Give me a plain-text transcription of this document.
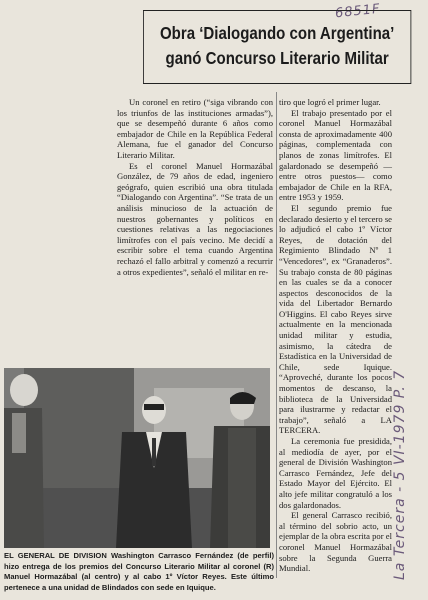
6851F
La Tercera - 5 VI-1979 P. 7
Obra ‘Dialogando con Argentina’
ganó Concurso Literario Militar

Un coronel en retiro (“siga vibrando con los triunfos de las instituciones armadas”), que se desempeñó durante 6 años como embajador de Chile en la República Federal Alemana, fue el ganador del Concurso Literario Militar.

Es el coronel Manuel Hormazábal González, de 79 años de edad, ingeniero geógrafo, quien escribió una obra titulada “Dialogando con Argentina”. “Se trata de un análisis minucioso de la actuación de nuestros gobernantes y políticos en cuestiones relativas a las negociaciones limítrofes con el país vecino. Me decidí a escribir sobre el tema cuando Argentina rechazó el fallo arbitral y comenzó a recurrir a otros expedientes”, señaló el militar en re-

tiro que logró el primer lugar.

El trabajo presentado por el coronel Manuel Hormazábal consta de aproximadamente 400 páginas, complementada con planos de zonas limítrofes. El galardonado se desempeñó —entre otros puestos— como embajador de Chile en la RFA, entre 1953 y 1959.

El segundo premio fue declarado desierto y el tercero se lo adjudicó el cabo 1º Víctor Reyes, de dotación del Regimiento Blindado Nº 1 “Vencedores”, ex “Granaderos”. Su trabajo consta de 80 páginas en las cuales se da a conocer aspectos desconocidos de la vida del Libertador Bernardo O'Higgins. El cabo Reyes sirve actualmente en la mencionada unidad militar y estudia, asimismo, la cátedra de Estadística en la Universidad de Chile, sede Iquique. “Aproveché, durante los pocos momentos de descanso, la biblioteca de la Universidad para ilustrarme y redactar el trabajo”, señaló a LA TERCERA.

La ceremonia fue presidida, al mediodía de ayer, por el general de División Washington Carrasco Fernández, Jefe del Estado Mayor del Ejército. El alto jefe militar congratuló a los dos galardonados.

El general Carrasco recibió, al término del sobrio acto, un ejemplar de la obra escrita por el coronel Manuel Hormazábal sobre la Segunda Guerra Mundial.

EL GENERAL DE DIVISION Washington Carrasco Fernández (de perfil) hizo entrega de los premios del Concurso Literario Militar al coronel (R) Manuel Hormazábal (al centro) y al cabo 1º Víctor Reyes. Este último pertenece a una unidad de Blindados con sede en Iquique.
